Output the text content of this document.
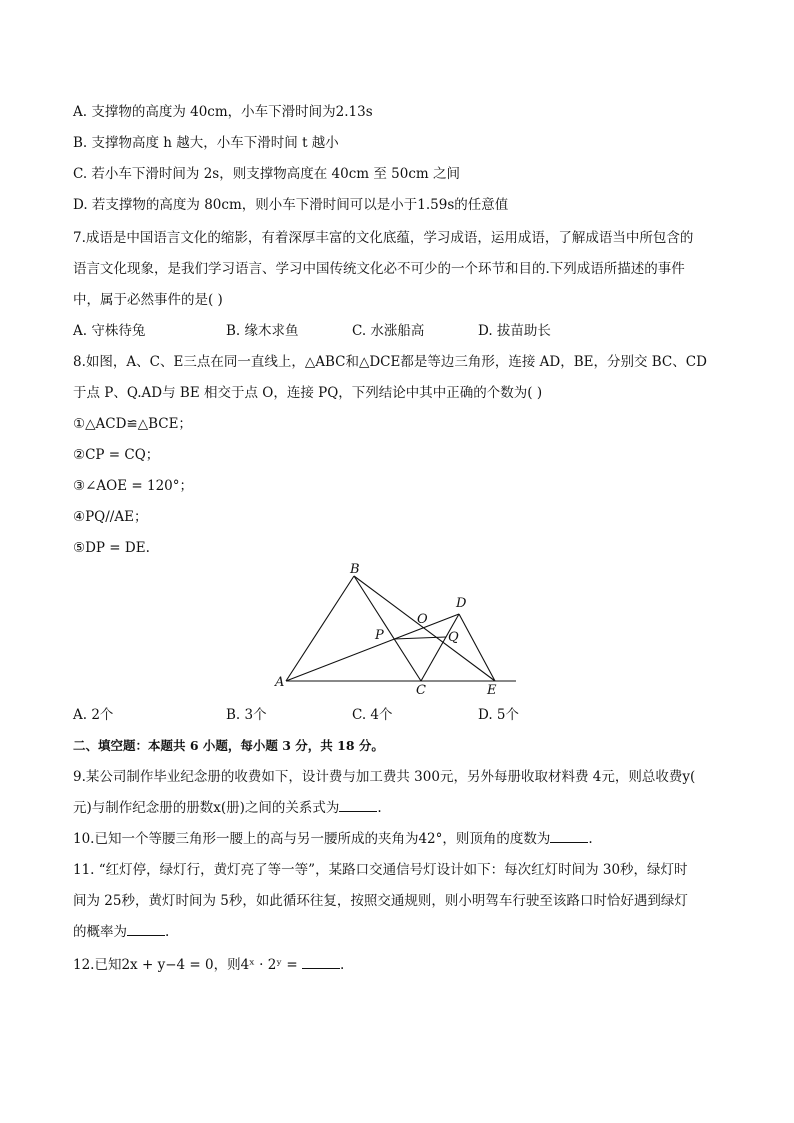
A. 支撑物的高度为 40cm，小车下滑时间为2.13s
B. 支撑物高度 h 越大，小车下滑时间 t 越小
C. 若小车下滑时间为 2s，则支撑物高度在 40cm 至 50cm 之间
D. 若支撑物的高度为 80cm，则小车下滑时间可以是小于1.59s的任意值
7.成语是中国语言文化的缩影，有着深厚丰富的文化底蕴，学习成语，运用成语，了解成语当中所包含的
语言文化现象，是我们学习语言、学习中国传统文化必不可少的一个环节和目的.下列成语所描述的事件
中，属于必然事件的是( )
A. 守株待兔	B. 缘木求鱼	C. 水涨船高	D. 拔苗助长
8.如图，A、C、E三点在同一直线上，△ABC和△DCE都是等边三角形，连接 AD，BE，分别交 BC、CD
于点 P、Q.AD与 BE 相交于点 O，连接 PQ，下列结论中其中正确的个数为( )
①△ACD≌△BCE；
②CP = CQ；
③∠AOE = 120°；
④PQ//AE；
⑤DP = DE.
B
D
O
P	Q
A
C	E
A. 2个	B. 3个	C. 4个	D. 5个
二、填空题：本题共 6 小题，每小题 3 分，共 18 分。
9.某公司制作毕业纪念册的收费如下，设计费与加工费共 300元，另外每册收取材料费 4元，则总收费y(
元)与制作纪念册的册数x(册)之间的关系式为	.
10.已知一个等腰三角形一腰上的高与另一腰所成的夹角为42°，则顶角的度数为	.
11. “红灯停，绿灯行，黄灯亮了等一等”，某路口交通信号灯设计如下：每次红灯时间为 30秒，绿灯时
间为 25秒，黄灯时间为 5秒，如此循环往复，按照交通规则，则小明驾车行驶至该路口时恰好遇到绿灯
的概率为	.
12.已知2x + y−4 = 0，则4ˣ · 2ʸ =	.
